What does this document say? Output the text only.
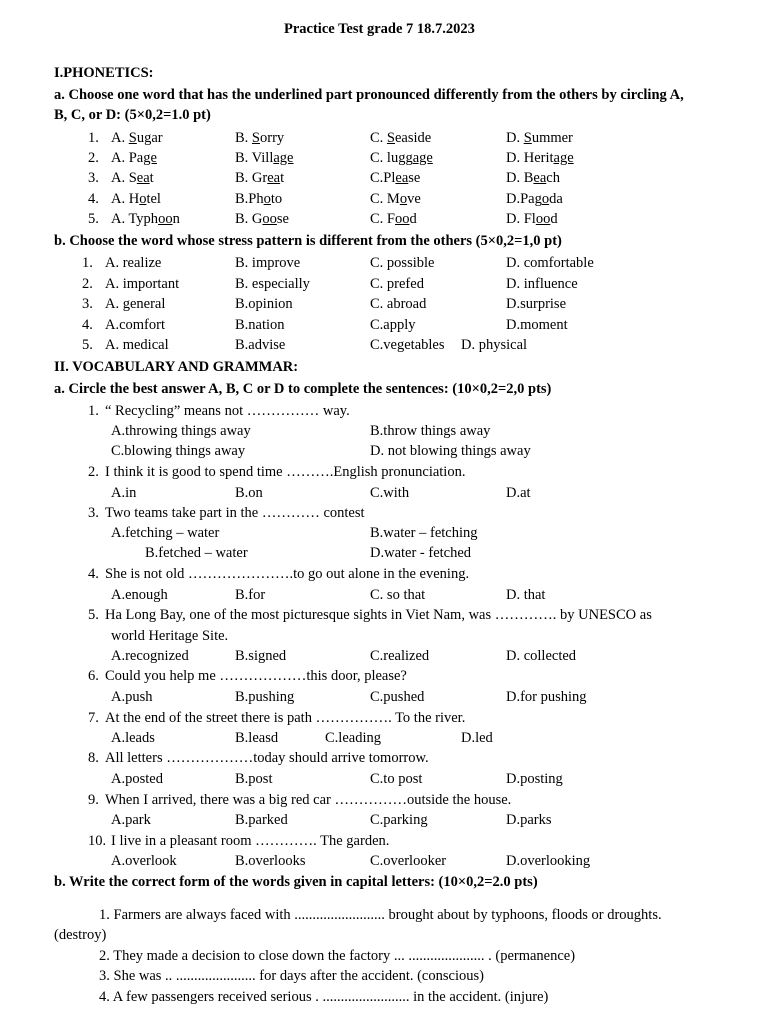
Practice Test grade 7 18.7.2023
I.PHONETICS:
a. Choose one word that has the underlined part pronounced differently from the others by circling A,
B, C, or D: (5×0,2=1.0 pt)
1. A. Sugar	B. Sorry	C. Seaside	D. Summer
2. A. Page	B. Village	C. luggage	D. Heritage
3. A. Seat	B. Great	C.Please	D. Beach
4. A. Hotel	B.Photo	C. Move	D.Pagoda
5. A. Typhoon	B. Goose	C. Food	D. Flood
b. Choose the word whose stress pattern is different from the others (5×0,2=1,0 pt)
1. A. realize	B. improve	C. possible	D. comfortable
2. A. important	B. especially	C. prefed	D. influence
3. A. general	B.opinion	C. abroad	D.surprise
4. A.comfort	B.nation	C.apply	D.moment
5. A. medical	B.advise	C.vegetables D. physical
II. VOCABULARY AND GRAMMAR:
a. Circle the best answer A, B, C or D to complete the sentences: (10×0,2=2,0 pts)
1. “ Recycling” means not …………… way.
A.throwing things away	B.throw things away
C.blowing things away	D. not blowing things away
2. I think it is good to spend time ……….English pronunciation.
A.in	B.on	C.with	D.at
3. Two teams take part in the ………… contest
A.fetching – water	B.water – fetching
B.fetched – water	D.water - fetched
4. She is not old ………………….to go out alone in the evening.
A.enough	B.for	C. so that	D. that
5. Ha Long Bay, one of the most picturesque sights in Viet Nam, was …………. by UNESCO as
world Heritage Site.
A.recognized	B.signed	C.realized	D. collected
6. Could you help me ………………this door, please?
A.push	B.pushing	C.pushed	D.for pushing
7. At the end of the street there is path ……………. To the river.
A.leads	B.leasd	C.leading	D.led
8. All letters ………………today should arrive tomorrow.
A.posted	B.post	C.to post	D.posting
9. When I arrived, there was a big red car ……………outside the house.
A.park	B.parked	C.parking	D.parks
10. I live in a pleasant room …………. The garden.
A.overlook	B.overlooks	C.overlooker	D.overlooking
b. Write the correct form of the words given in capital letters: (10×0,2=2.0 pts)
1. Farmers are always faced with ......................... brought about by typhoons, floods or droughts.
(destroy)
2. They made a decision to close down the factory ... ..................... . (permanence)
3. She was .. ...................... for days after the accident. (conscious)
4. A few passengers received serious . ........................ in the accident. (injure)
